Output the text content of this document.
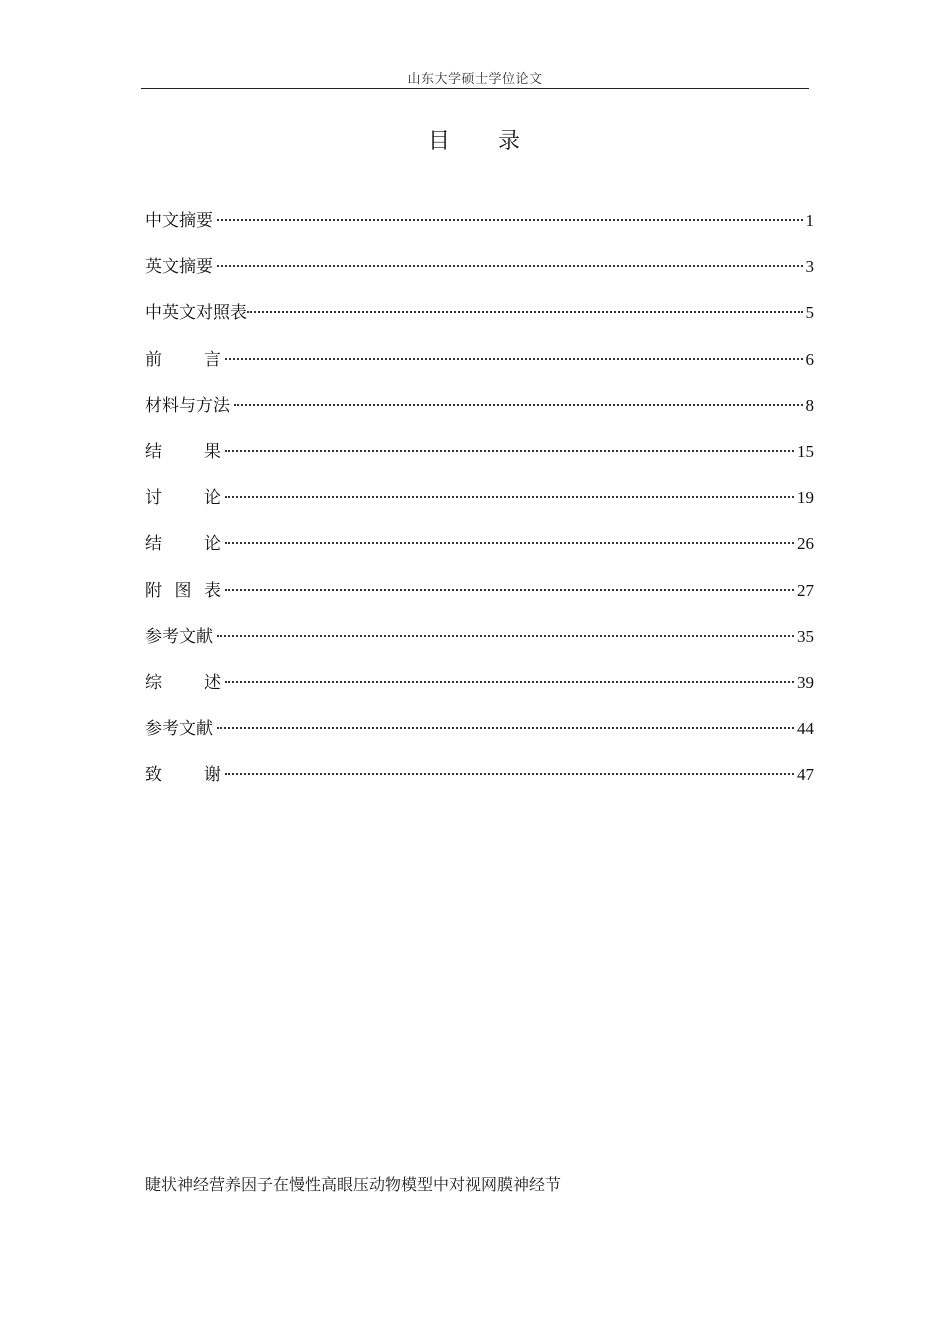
山东大学硕士学位论文
目 录
中文摘要	1
英文摘要	3
中英文对照表	5
前 言	6
材料与方法	8
结 果	15
讨 论	19
结 论	26
附 图 表	27
参考文献	35
综 述	39
参考文献	44
致 谢	47
睫状神经营养因子在慢性高眼压动物模型中对视网膜神经节
